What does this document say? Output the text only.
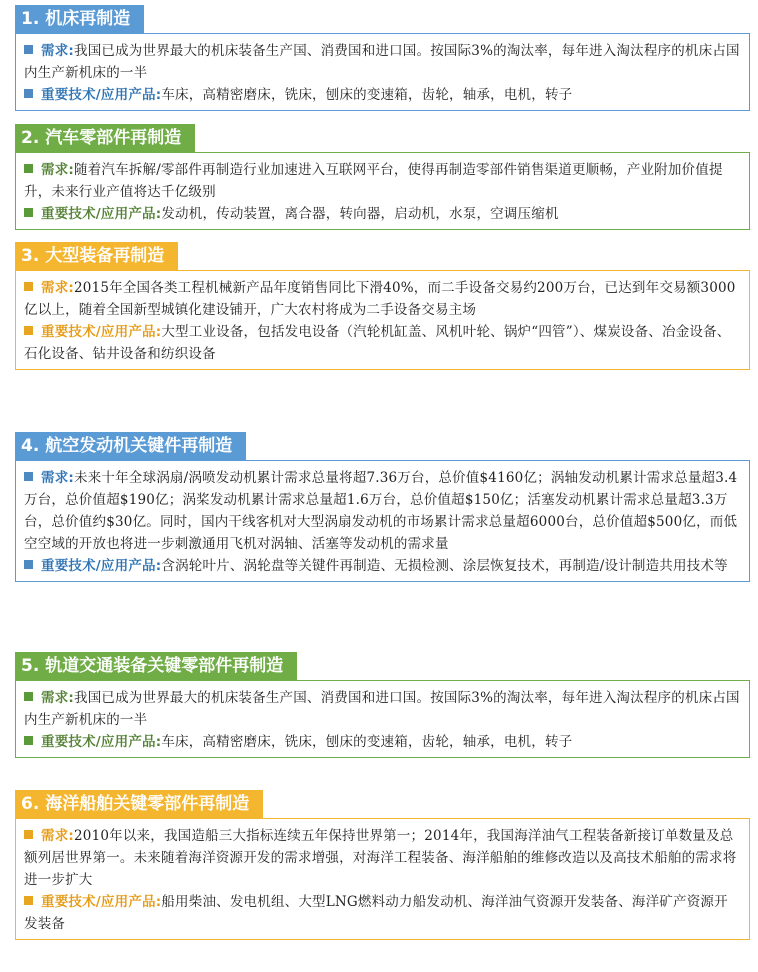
1. 机床再制造

需求:我国已成为世界最大的机床装备生产国、消费国和进口国。按国际3%的淘汰率，每年进入淘汰程序的机床占国内生产新机床的一半

重要技术/应用产品:车床，高精密磨床，铣床，刨床的变速箱，齿轮，轴承，电机，转子

2. 汽车零部件再制造

需求:随着汽车拆解/零部件再制造行业加速进入互联网平台，使得再制造零部件销售渠道更顺畅，产业附加价值提升，未来行业产值将达千亿级别

重要技术/应用产品:发动机，传动装置，离合器，转向器，启动机，水泵，空调压缩机

3. 大型装备再制造

需求:2015年全国各类工程机械新产品年度销售同比下滑40%，而二手设备交易约200万台，已达到年交易额3000亿以上，随着全国新型城镇化建设铺开，广大农村将成为二手设备交易主场

重要技术/应用产品:大型工业设备，包括发电设备（汽轮机缸盖、风机叶轮、锅炉“四管”）、煤炭设备、冶金设备、石化设备、钻井设备和纺织设备

4. 航空发动机关键件再制造

需求:未来十年全球涡扇/涡喷发动机累计需求总量将超7.36万台，总价值$4160亿；涡轴发动机累计需求总量超3.4万台，总价值超$190亿；涡桨发动机累计需求总量超1.6万台，总价值超$150亿；活塞发动机累计需求总量超3.3万台，总价值约$30亿。同时，国内干线客机对大型涡扇发动机的市场累计需求总量超6000台，总价值超$500亿，而低空空域的开放也将进一步刺激通用飞机对涡轴、活塞等发动机的需求量

重要技术/应用产品:含涡轮叶片、涡轮盘等关键件再制造、无损检测、涂层恢复技术，再制造/设计制造共用技术等

5. 轨道交通装备关键零部件再制造

需求:我国已成为世界最大的机床装备生产国、消费国和进口国。按国际3%的淘汰率，每年进入淘汰程序的机床占国内生产新机床的一半

重要技术/应用产品:车床，高精密磨床，铣床，刨床的变速箱，齿轮，轴承，电机，转子

6. 海洋船舶关键零部件再制造

需求:2010年以来，我国造船三大指标连续五年保持世界第一；2014年，我国海洋油气工程装备新接订单数量及总额列居世界第一。未来随着海洋资源开发的需求增强，对海洋工程装备、海洋船舶的维修改造以及高技术船舶的需求将进一步扩大

重要技术/应用产品:船用柴油、发电机组、大型LNG燃料动力船发动机、海洋油气资源开发装备、海洋矿产资源开发装备
